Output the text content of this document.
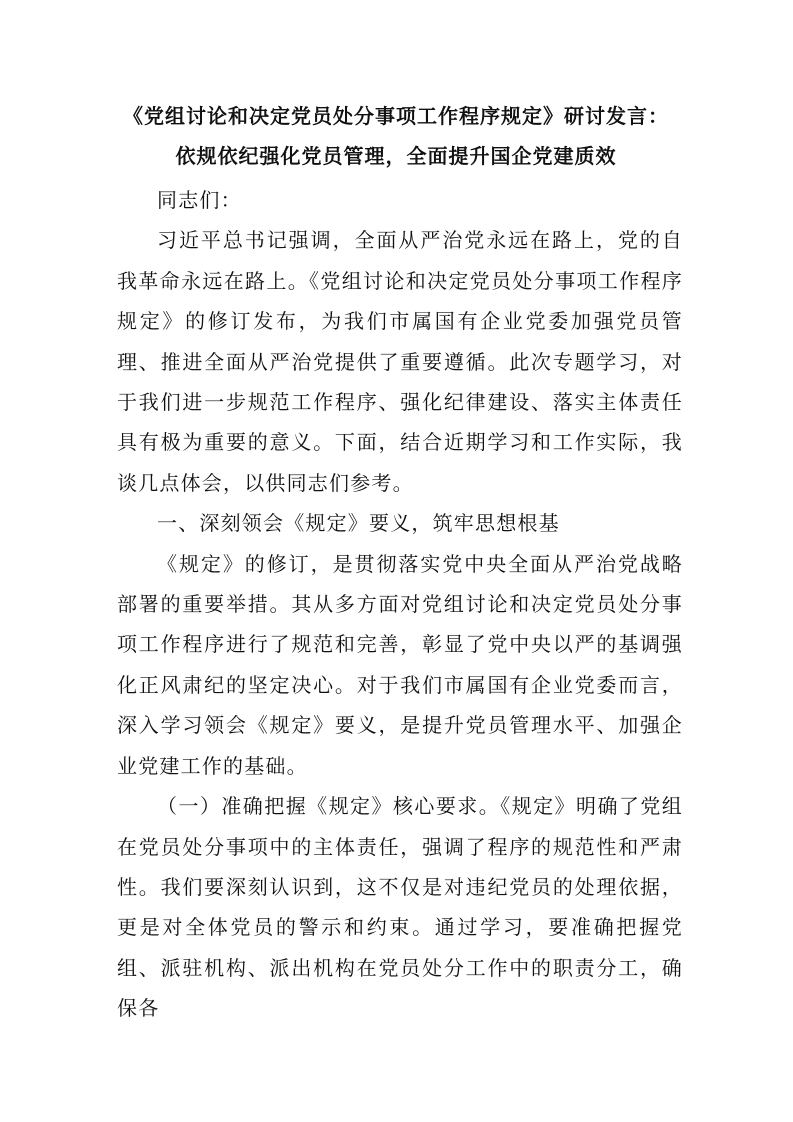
《党组讨论和决定党员处分事项工作程序规定》研讨发言：
依规依纪强化党员管理，全面提升国企党建质效

同志们：

习近平总书记强调，全面从严治党永远在路上，党的自我革命永远在路上。《党组讨论和决定党员处分事项工作程序规定》的修订发布，为我们市属国有企业党委加强党员管理、推进全面从严治党提供了重要遵循。此次专题学习，对于我们进一步规范工作程序、强化纪律建设、落实主体责任具有极为重要的意义。下面，结合近期学习和工作实际，我谈几点体会，以供同志们参考。

一、深刻领会《规定》要义，筑牢思想根基

《规定》的修订，是贯彻落实党中央全面从严治党战略部署的重要举措。其从多方面对党组讨论和决定党员处分事项工作程序进行了规范和完善，彰显了党中央以严的基调强化正风肃纪的坚定决心。对于我们市属国有企业党委而言，深入学习领会《规定》要义，是提升党员管理水平、加强企业党建工作的基础。

（一）准确把握《规定》核心要求。《规定》明确了党组在党员处分事项中的主体责任，强调了程序的规范性和严肃性。我们要深刻认识到，这不仅是对违纪党员的处理依据，更是对全体党员的警示和约束。通过学习，要准确把握党组、派驻机构、派出机构在党员处分工作中的职责分工，确保各
